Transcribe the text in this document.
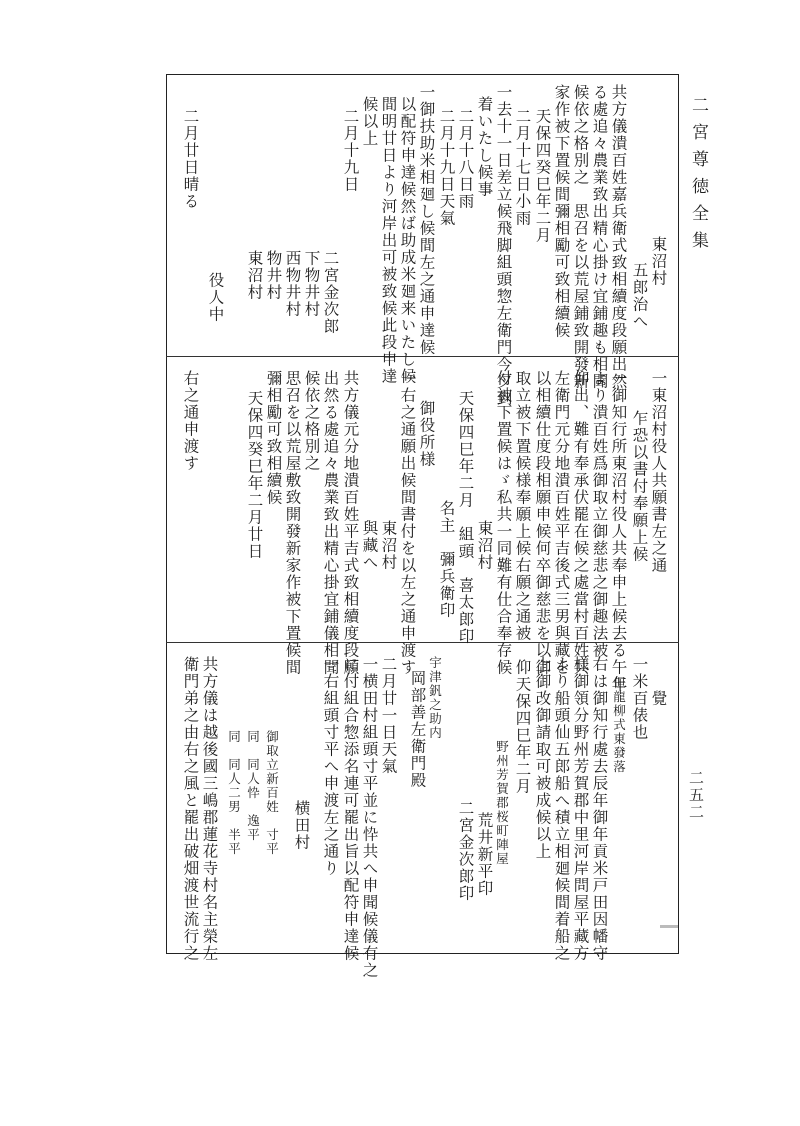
二宮尊徳全集
二五二
東沼村
五郎治へ
共方儀潰百姓嘉兵衛式致相續度段願出然
る處追々農業致出精心掛け宜鋪趣も相聞
候依之格別之　思召を以荒屋鋪致開發新
家作被下置候間彌相勵可致相續候
天保四癸巳年二月
二月十七日小雨
一去十一日差立候飛脚組頭惣左衛門今夕到
着いたし候事
二月十八日雨
二月十九日天氣
一御扶助米相廻し候間左之通申達候
以配符申達候然ば助成米廻来いたし候
間明廿日より河岸出可被致候此段申達
候以上
二月十九日
二宮金次郎
下物井村
西物井村
物井村
東沼村
役人中
二月廿日晴る
一東沼村役人共願書左之通
乍恐以書付奉願上候
一御知行所東沼村役人共奉申上候去る午年
より潰百姓爲御取立御慈悲之御趣法被
仰出、難有奉承伏罷在候之處當村百姓共
左衛門元分地潰百姓平吉後式三男與藏を
以相續仕度段相願申候何卒御慈悲を以御
取立被下置候様奉願上候右願之通被　仰
付被下置候はゞ私共一同難有仕合奉存候
東沼村
天保四巳年二月　組頭　喜太郎印
名主　彌兵衛印
御役所様
一右之通願出候間書付を以左之通申渡す
東沼村
與藏へ
共方儀元分地潰百姓平吉式致相續度段願
出然る處追々農業致出精心掛宜鋪儀相聞
候依之格別之
思召を以荒屋敷致開發新家作被下置候間
彌相勵可致相續候
天保四癸巳年二月廿日
右之通申渡す
覺
一米百俵也
但龍柳式東發落
右は御知行處去辰年御年貢米戸田因幡守
様御領分野州芳賀郡中里河岸問屋平藏方
より船頭仙五郎船へ積立相廻候間着船之
上御改御請取可被成候以上
天保四巳年二月
野州芳賀郡桜町陣屋
荒井新平印
二宮金次郎印
宇津釩之助内
岡部善左衛門殿
二月廿一日天氣
一横田村組頭寸平並に忰共へ申聞候儀有之
に付組合惣添名連可罷出旨以配符申達候
一右組頭寸平へ申渡左之通り
横田村
御取立新百姓　寸平
同　同人忰　逸平
同　同人二男　半平
共方儀は越後國三嶋郡蓮花寺村名主榮左
衛門弟之由右之風と罷出破畑渡世流行之
